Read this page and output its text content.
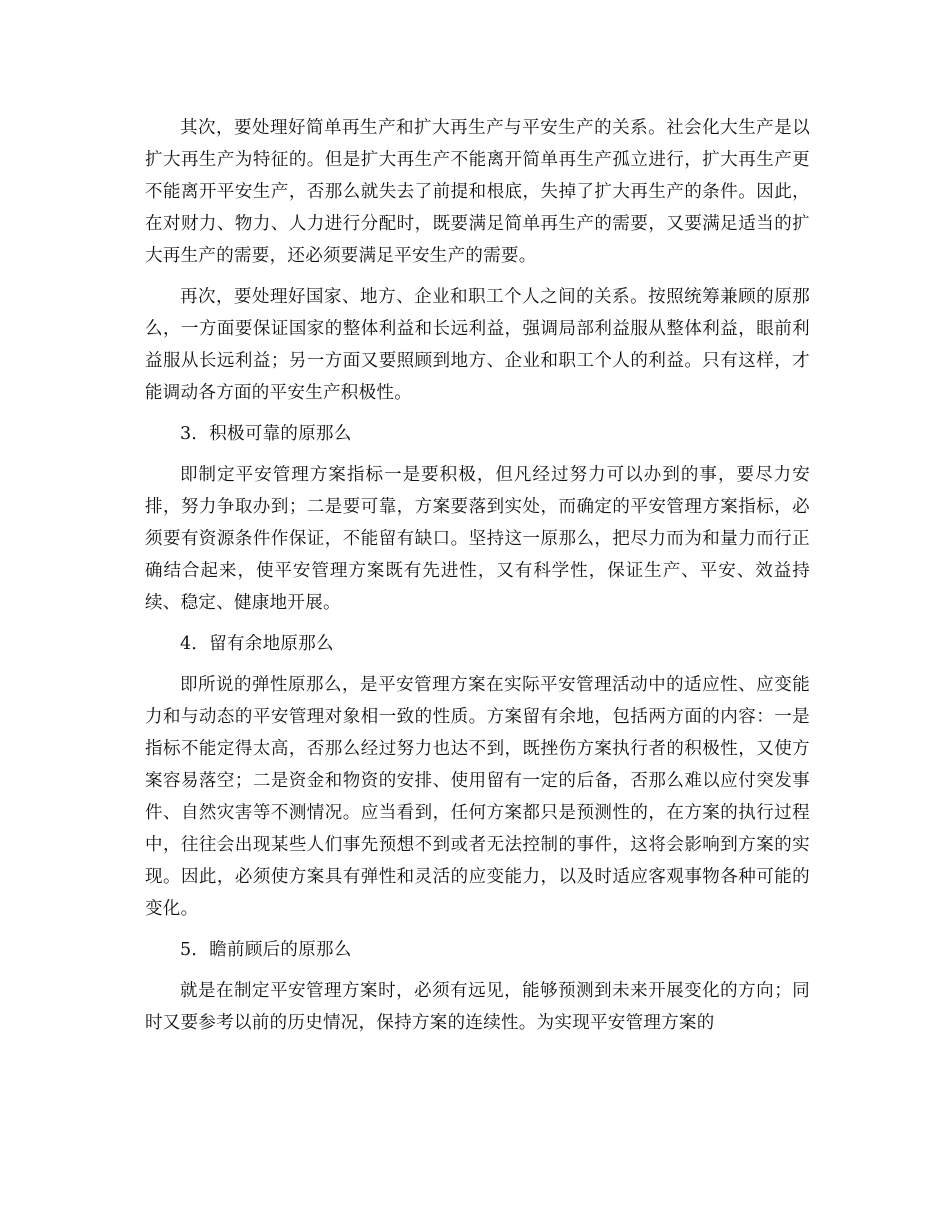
其次，要处理好简单再生产和扩大再生产与平安生产的关系。社会化大生产是以扩大再生产为特征的。但是扩大再生产不能离开简单再生产孤立进行，扩大再生产更不能离开平安生产，否那么就失去了前提和根底，失掉了扩大再生产的条件。因此，在对财力、物力、人力进行分配时，既要满足简单再生产的需要，又要满足适当的扩大再生产的需要，还必须要满足平安生产的需要。

再次，要处理好国家、地方、企业和职工个人之间的关系。按照统筹兼顾的原那么，一方面要保证国家的整体利益和长远利益，强调局部利益服从整体利益，眼前利益服从长远利益；另一方面又要照顾到地方、企业和职工个人的利益。只有这样，才能调动各方面的平安生产积极性。

3．积极可靠的原那么

即制定平安管理方案指标一是要积极，但凡经过努力可以办到的事，要尽力安排，努力争取办到；二是要可靠，方案要落到实处，而确定的平安管理方案指标，必须要有资源条件作保证，不能留有缺口。坚持这一原那么，把尽力而为和量力而行正确结合起来，使平安管理方案既有先进性，又有科学性，保证生产、平安、效益持续、稳定、健康地开展。

4．留有余地原那么

即所说的弹性原那么，是平安管理方案在实际平安管理活动中的适应性、应变能力和与动态的平安管理对象相一致的性质。方案留有余地，包括两方面的内容：一是指标不能定得太高，否那么经过努力也达不到，既挫伤方案执行者的积极性，又使方案容易落空；二是资金和物资的安排、使用留有一定的后备，否那么难以应付突发事件、自然灾害等不测情况。应当看到，任何方案都只是预测性的，在方案的执行过程中，往往会出现某些人们事先预想不到或者无法控制的事件，这将会影响到方案的实现。因此，必须使方案具有弹性和灵活的应变能力，以及时适应客观事物各种可能的变化。

5．瞻前顾后的原那么

就是在制定平安管理方案时，必须有远见，能够预测到未来开展变化的方向；同时又要参考以前的历史情况，保持方案的连续性。为实现平安管理方案的
